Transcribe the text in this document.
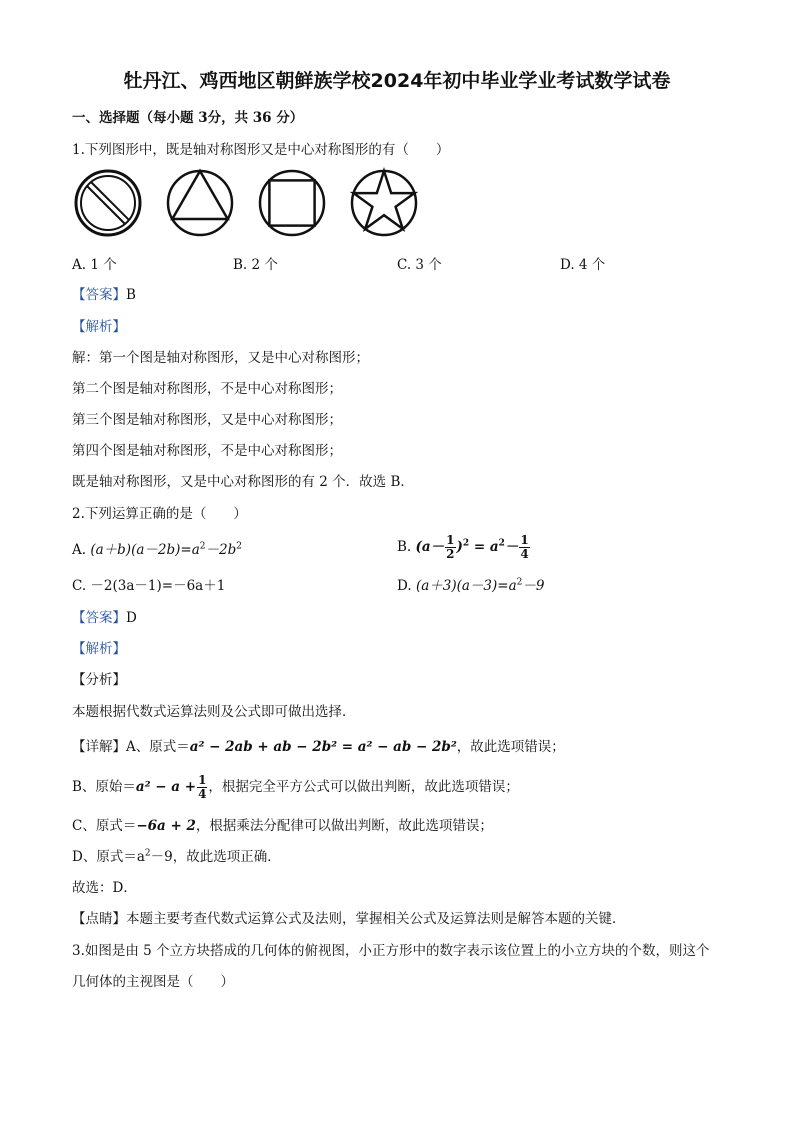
牡丹江、鸡西地区朝鲜族学校2024年初中毕业学业考试数学试卷
一、选择题（每小题 3分，共 36 分）
1.下列图形中，既是轴对称图形又是中心对称图形的有（　　）
A. 1 个	B. 2 个	C. 3 个	D. 4 个
【答案】B
【解析】
解：第一个图是轴对称图形，又是中心对称图形；
第二个图是轴对称图形，不是中心对称图形；
第三个图是轴对称图形，又是中心对称图形；
第四个图是轴对称图形，不是中心对称图形；
既是轴对称图形，又是中心对称图形的有 2 个．故选 B．
2.下列运算正确的是（　　）
A. $(a+b)(a-2b)=a^2-2b^2$	B. $(a- \frac{1}{2} )^2 = a^2- \frac{1}{4}$
C. －2(3a－1)=－6a＋1	D. $(a+3)(a-3)=a^2-9$
【答案】D
【解析】
【分析】
本题根据代数式运算法则及公式即可做出选择．
【详解】A、原式＝a² − 2ab + ab − 2b² = a² − ab − 2b²，故此选项错误；
B、原始$=a^2 - a + \frac{1}{4}$ ，根据完全平方公式可以做出判断，故此选项错误；
C、原式＝−6a + 2，根据乘法分配律可以做出判断，故此选项错误；
D、原式$=a^2-9$，故此选项正确．
故选：D．
【点睛】本题主要考查代数式运算公式及法则，掌握相关公式及运算法则是解答本题的关键．
3.如图是由 5 个立方块搭成的几何体的俯视图，小正方形中的数字表示该位置上的小立方块的个数，则这个
几何体的主视图是（　　）
